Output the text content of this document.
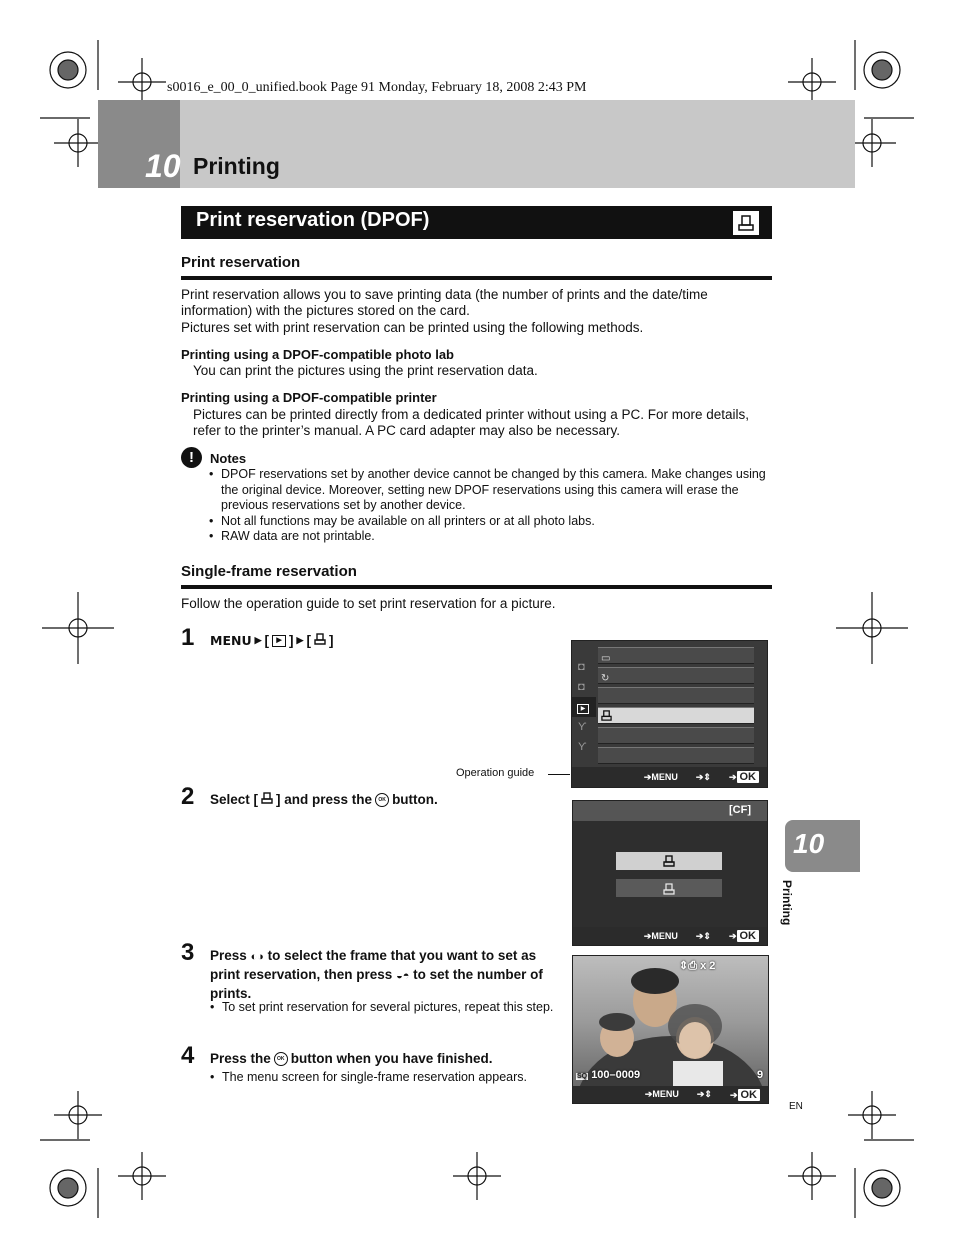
s0016_e_00_0_unified.book Page 91 Monday, February 18, 2008 2:43 PM
10 Printing
Print reservation (DPOF)
Print reservation
Print reservation allows you to save printing data (the number of prints and the date/time information) with the pictures stored on the card.
Pictures set with print reservation can be printed using the following methods.
Printing using a DPOF-compatible photo lab
You can print the pictures using the print reservation data.
Printing using a DPOF-compatible printer
Pictures can be printed directly from a dedicated printer without using a PC. For more details, refer to the printer’s manual. A PC card adapter may also be necessary.
!	Notes
• DPOF reservations set by another device cannot be changed by this camera. Make changes using the original device. Moreover, setting new DPOF reservations using this camera will erase the previous reservations set by another device.
• Not all functions may be available on all printers or at all photo labs.
• RAW data are not printable.
Single-frame reservation
Follow the operation guide to set print reservation for a picture.
1 MENU ▶ [	▶ ] ▶ [ ]
◘
◘
▶
ϒ
ϒ
▭
↻
➔MENU ➔⇕ ➔ OK
Operation guide
2 Select [ ] and press the	OK button.
[CF]
➔MENU ➔⇕ ➔ OK
3 Press ◐◑ to select the frame that you want to set as print reservation, then press ◒◓ to set the number of prints.
• To set print reservation for several pictures, repeat this step.
⇕⎙ x 2
SQ 100–0009	9
➔MENU ➔⇕ ➔ OK
4 Press the	OK button when you have finished.
• The menu screen for single-frame reservation appears.
10
Printing
EN
